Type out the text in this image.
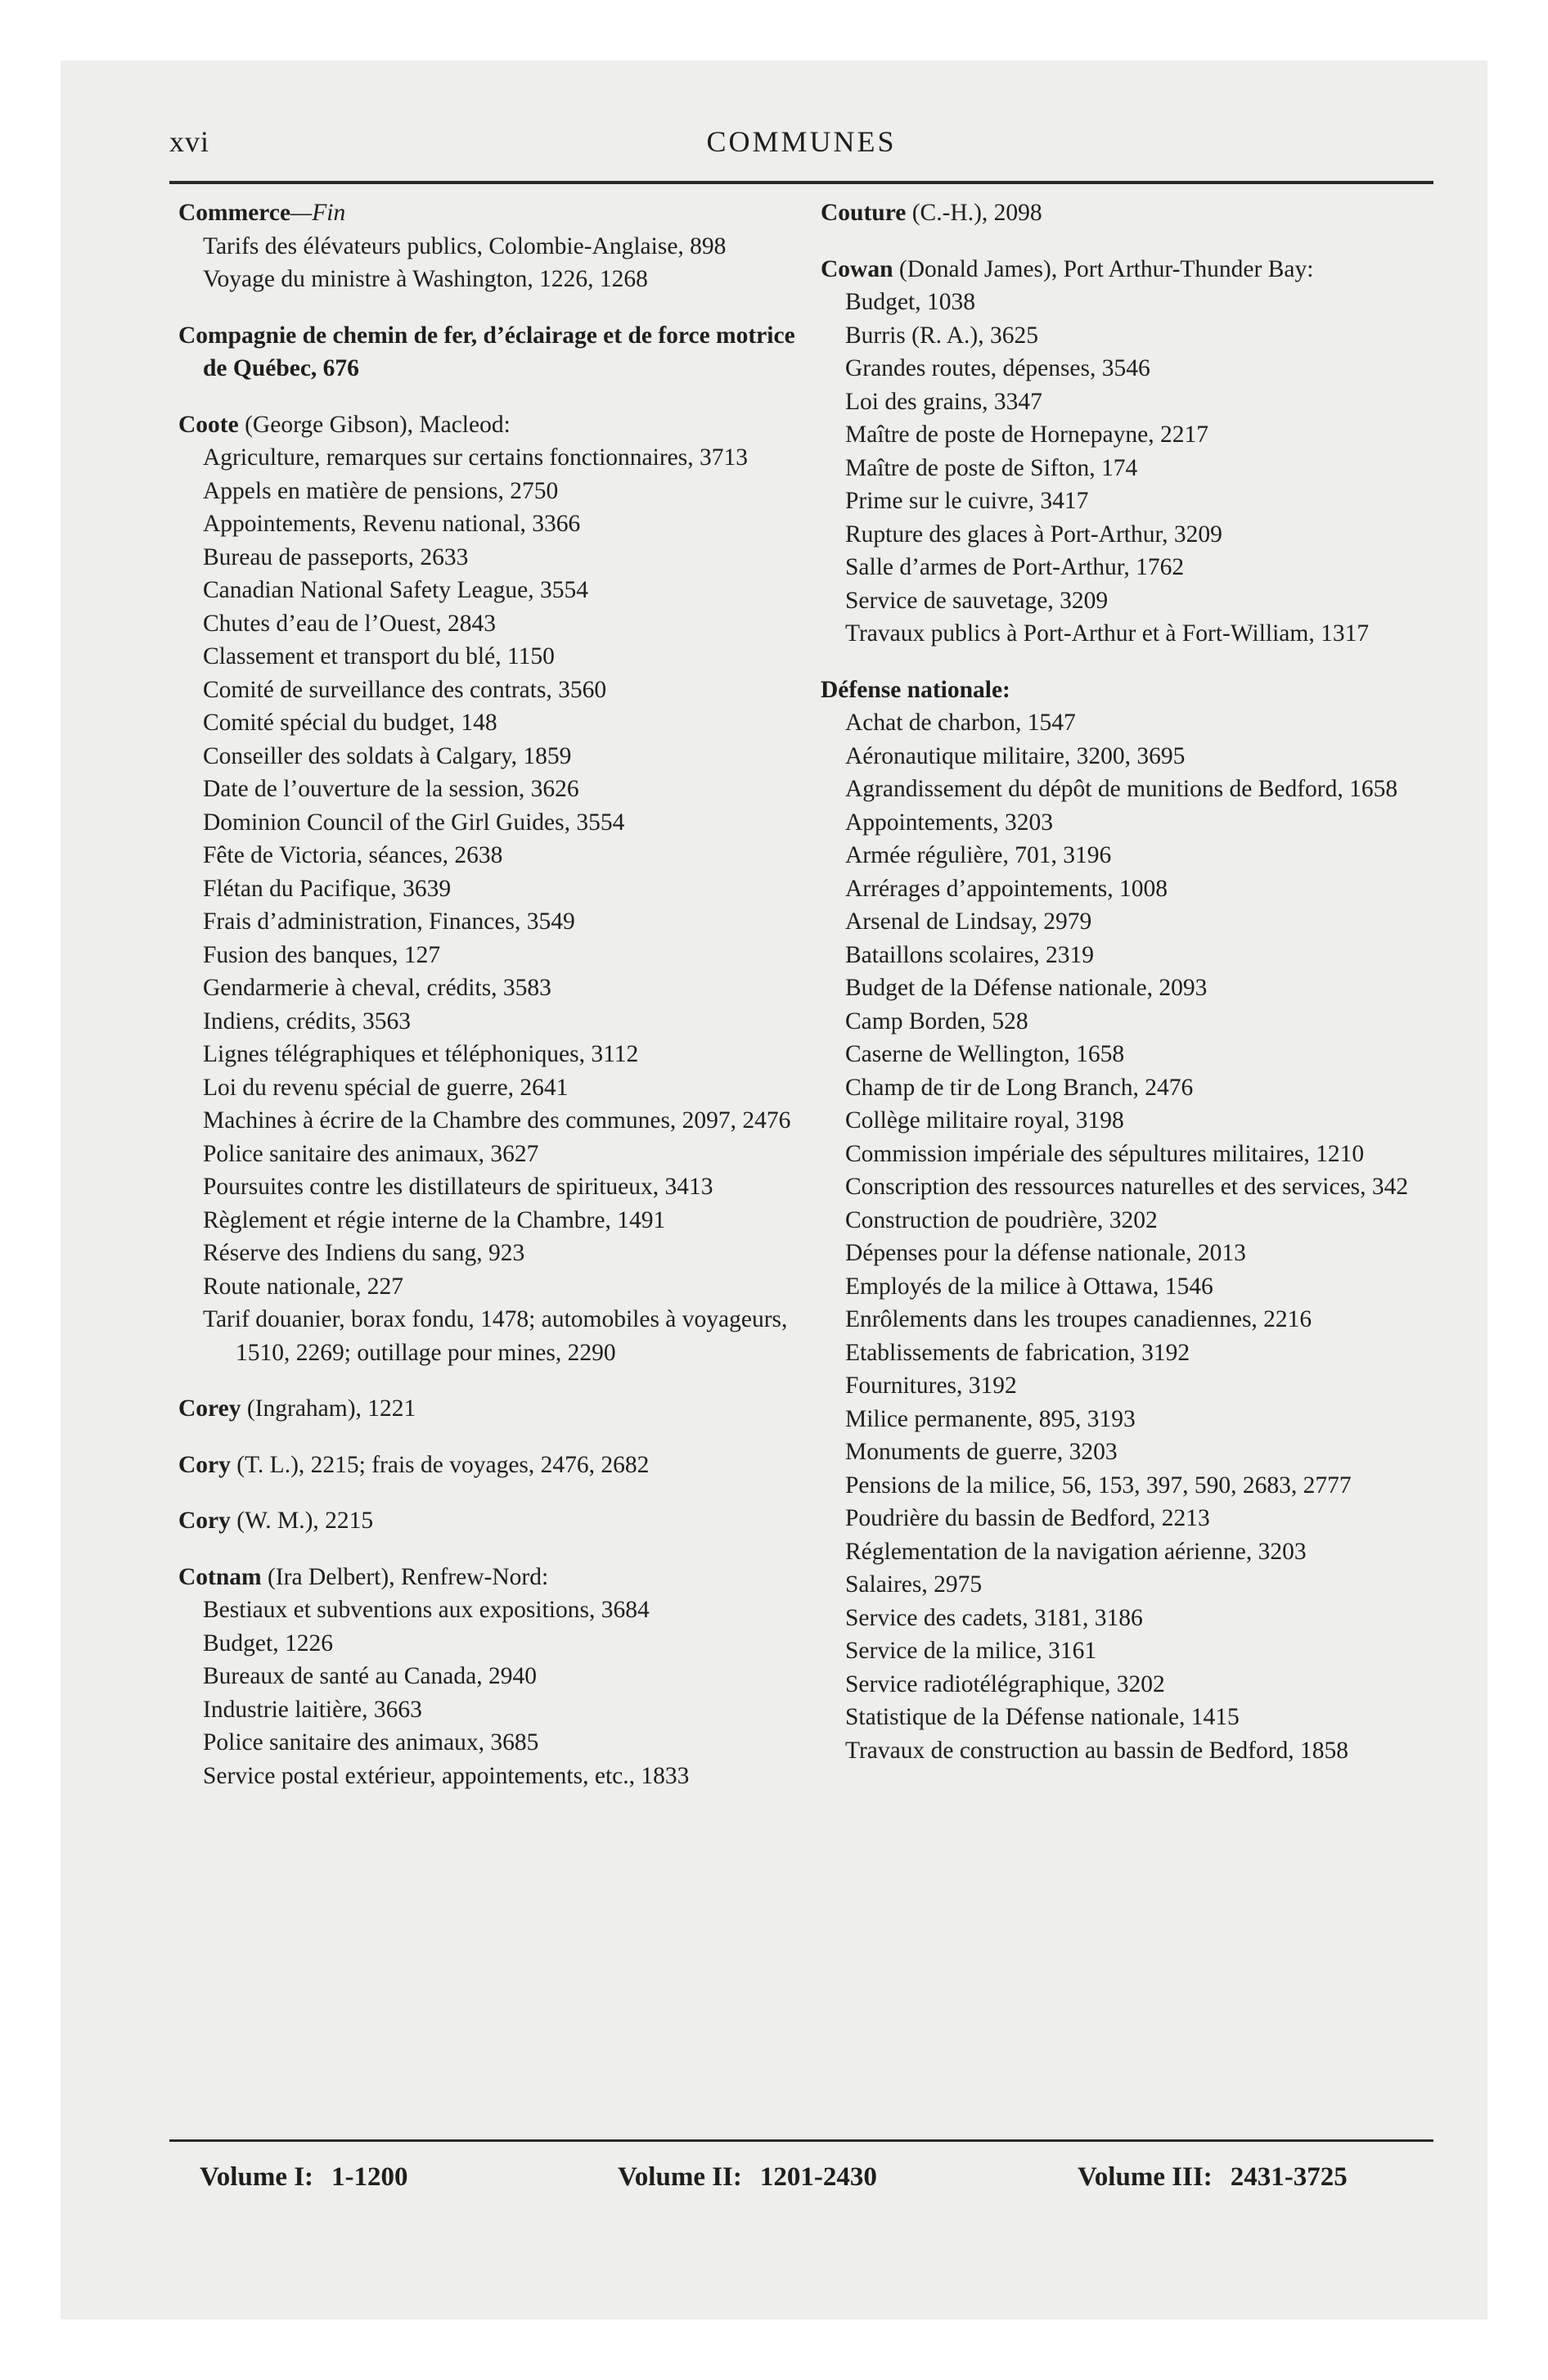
xvi	COMMUNES
Commerce—Fin
Tarifs des élévateurs publics, Colombie-Anglaise, 898
Voyage du ministre à Washington, 1226, 1268
Compagnie de chemin de fer, d’éclairage et de force motrice de Québec, 676
Coote (George Gibson), Macleod:
Agriculture, remarques sur certains fonctionnaires, 3713
Appels en matière de pensions, 2750
Appointements, Revenu national, 3366
Bureau de passeports, 2633
Canadian National Safety League, 3554
Chutes d’eau de l’Ouest, 2843
Classement et transport du blé, 1150
Comité de surveillance des contrats, 3560
Comité spécial du budget, 148
Conseiller des soldats à Calgary, 1859
Date de l’ouverture de la session, 3626
Dominion Council of the Girl Guides, 3554
Fête de Victoria, séances, 2638
Flétan du Pacifique, 3639
Frais d’administration, Finances, 3549
Fusion des banques, 127
Gendarmerie à cheval, crédits, 3583
Indiens, crédits, 3563
Lignes télégraphiques et téléphoniques, 3112
Loi du revenu spécial de guerre, 2641
Machines à écrire de la Chambre des communes, 2097, 2476
Police sanitaire des animaux, 3627
Poursuites contre les distillateurs de spiritueux, 3413
Règlement et régie interne de la Chambre, 1491
Réserve des Indiens du sang, 923
Route nationale, 227
Tarif douanier, borax fondu, 1478; automobiles à voyageurs, 1510, 2269; outillage pour mines, 2290
Corey (Ingraham), 1221
Cory (T. L.), 2215; frais de voyages, 2476, 2682
Cory (W. M.), 2215
Cotnam (Ira Delbert), Renfrew-Nord:
Bestiaux et subventions aux expositions, 3684
Budget, 1226
Bureaux de santé au Canada, 2940
Industrie laitière, 3663
Police sanitaire des animaux, 3685
Service postal extérieur, appointements, etc., 1833
Couture (C.-H.), 2098
Cowan (Donald James), Port Arthur-Thunder Bay:
Budget, 1038
Burris (R. A.), 3625
Grandes routes, dépenses, 3546
Loi des grains, 3347
Maître de poste de Hornepayne, 2217
Maître de poste de Sifton, 174
Prime sur le cuivre, 3417
Rupture des glaces à Port-Arthur, 3209
Salle d’armes de Port-Arthur, 1762
Service de sauvetage, 3209
Travaux publics à Port-Arthur et à Fort-William, 1317
Défense nationale:
Achat de charbon, 1547
Aéronautique militaire, 3200, 3695
Agrandissement du dépôt de munitions de Bedford, 1658
Appointements, 3203
Armée régulière, 701, 3196
Arrérages d’appointements, 1008
Arsenal de Lindsay, 2979
Bataillons scolaires, 2319
Budget de la Défense nationale, 2093
Camp Borden, 528
Caserne de Wellington, 1658
Champ de tir de Long Branch, 2476
Collège militaire royal, 3198
Commission impériale des sépultures militaires, 1210
Conscription des ressources naturelles et des services, 342
Construction de poudrière, 3202
Dépenses pour la défense nationale, 2013
Employés de la milice à Ottawa, 1546
Enrôlements dans les troupes canadiennes, 2216
Etablissements de fabrication, 3192
Fournitures, 3192
Milice permanente, 895, 3193
Monuments de guerre, 3203
Pensions de la milice, 56, 153, 397, 590, 2683, 2777
Poudrière du bassin de Bedford, 2213
Réglementation de la navigation aérienne, 3203
Salaires, 2975
Service des cadets, 3181, 3186
Service de la milice, 3161
Service radiotélégraphique, 3202
Statistique de la Défense nationale, 1415
Travaux de construction au bassin de Bedford, 1858
Volume I: 1-1200	Volume II: 1201-2430	Volume III: 2431-3725
